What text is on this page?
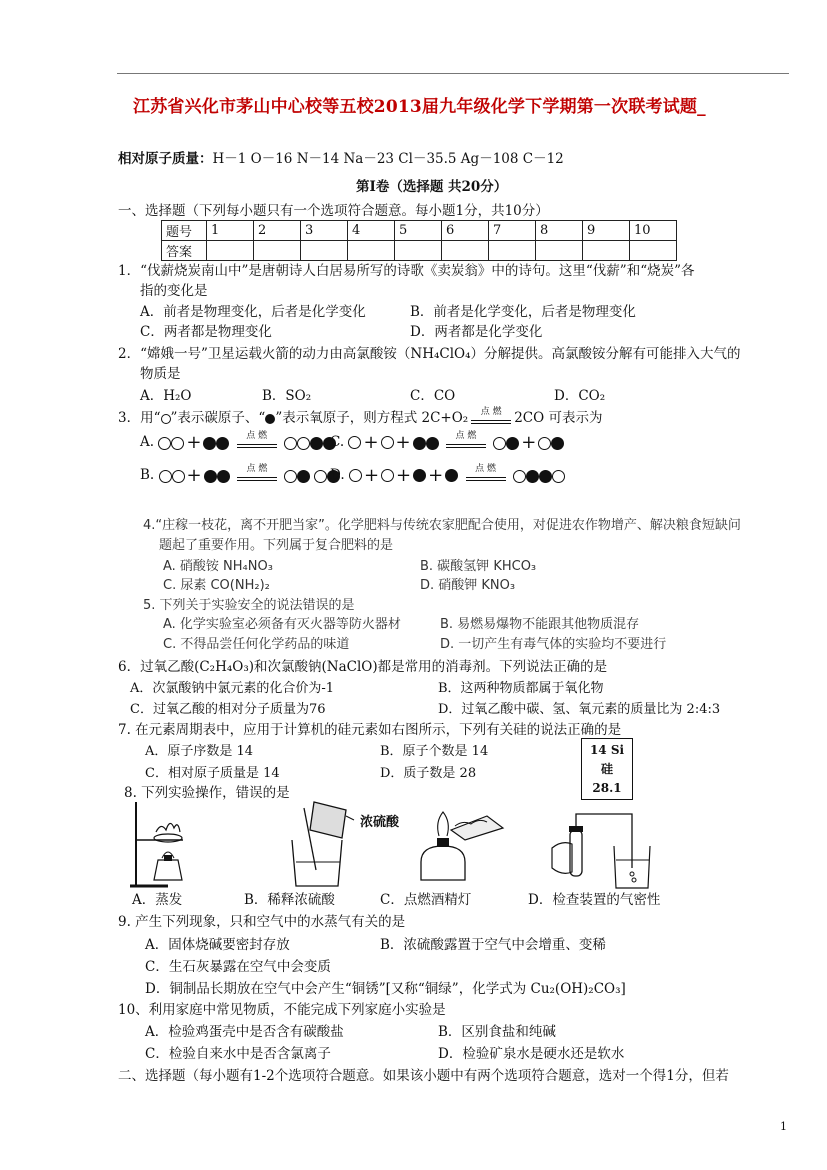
江苏省兴化市茅山中心校等五校2013届九年级化学下学期第一次联考试题_
相对原子质量：H－1 O－16 N－14 Na－23 Cl－35.5 Ag－108 C－12
第Ⅰ卷（选择题 共20分）
一、选择题（下列每小题只有一个选项符合题意。每小题1分，共10分）
题号	1	2	3	4	5	6	7	8	9	10
答案										
1．“伐薪烧炭南山中”是唐朝诗人白居易所写的诗歌《卖炭翁》中的诗句。这里“伐薪”和“烧炭”各
指的变化是
A．前者是物理变化，后者是化学变化	B．前者是化学变化，后者是物理变化
C．两者都是物理变化	D．两者都是化学变化
2．“嫦娥一号”卫星运载火箭的动力由高氯酸铵（NH₄ClO₄）分解提供。高氯酸铵分解有可能排入大气的
物质是
A．H₂O	B．SO₂	C．CO	D．CO₂
3．用“ ”表示碳原子、“ ”表示氧原子，则方程式 2C+O₂	点 燃 2CO 可表示为
A. +	点 燃
	C. + +	点 燃	+
B. +	点 燃
	D. + + +	点 燃

4.“庄稼一枝花，离不开肥当家”。化学肥料与传统农家肥配合使用，对促进农作物增产、解决粮食短缺问
题起了重要作用。下列属于复合肥料的是
A. 硝酸铵 NH₄NO₃	B. 碳酸氢钾 KHCO₃
C. 尿素 CO(NH₂)₂	D. 硝酸钾 KNO₃
5. 下列关于实验安全的说法错误的是
A. 化学实验室必须备有灭火器等防火器材	B. 易燃易爆物不能跟其他物质混存
C. 不得品尝任何化学药品的味道	D. 一切产生有毒气体的实验均不要进行
6．过氧乙酸(C₂H₄O₃)和次氯酸钠(NaClO)都是常用的消毒剂。下列说法正确的是
A．次氯酸钠中氯元素的化合价为-1	B．这两种物质都属于氧化物
C．过氧乙酸的相对分子质量为76	D．过氧乙酸中碳、氢、氧元素的质量比为 2:4:3
7. 在元素周期表中，应用于计算机的硅元素如右图所示，下列有关硅的说法正确的是
A．原子序数是 14	B．原子个数是 14
C．相对原子质量是 14	D．质子数是 28
14 Si
硅
28.1
8. 下列实验操作，错误的是
浓硫酸
A．蒸发	B．稀释浓硫酸	C．点燃酒精灯	D．检查装置的气密性
9. 产生下列现象，只和空气中的水蒸气有关的是
A．固体烧碱要密封存放	B．浓硫酸露置于空气中会增重、变稀
C．生石灰暴露在空气中会变质
D．铜制品长期放在空气中会产生“铜锈”[又称“铜绿”，化学式为 Cu₂(OH)₂CO₃]
10、利用家庭中常见物质，不能完成下列家庭小实验是
A．检验鸡蛋壳中是否含有碳酸盐	B．区别食盐和纯碱
C．检验自来水中是否含氯离子	D．检验矿泉水是硬水还是软水
二、选择题（每小题有1-2个选项符合题意。如果该小题中有两个选项符合题意，选对一个得1分，但若
1
